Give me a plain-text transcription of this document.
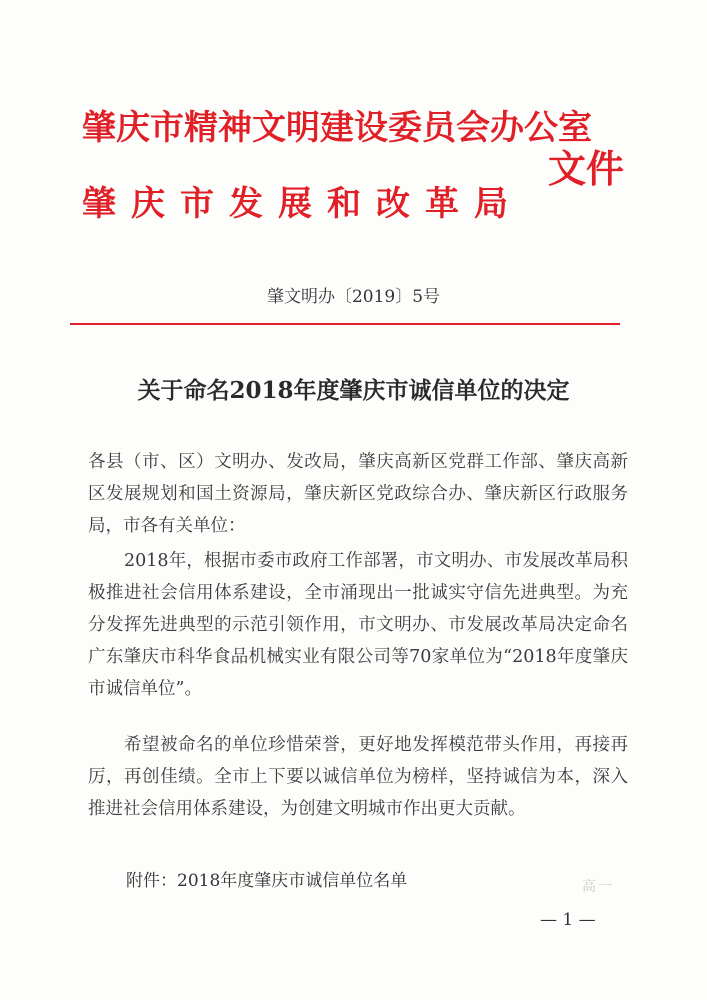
肇庆市精神文明建设委员会办公室
肇庆市发展和改革局
文件
肇文明办〔2019〕5号
关于命名2018年度肇庆市诚信单位的决定
各县（市、区）文明办、发改局，肇庆高新区党群工作部、肇庆高新区发展规划和国土资源局，肇庆新区党政综合办、肇庆新区行政服务局，市各有关单位：
2018年，根据市委市政府工作部署，市文明办、市发展改革局积极推进社会信用体系建设，全市涌现出一批诚实守信先进典型。为充分发挥先进典型的示范引领作用，市文明办、市发展改革局决定命名广东肇庆市科华食品机械实业有限公司等70家单位为“2018年度肇庆市诚信单位”。
希望被命名的单位珍惜荣誉，更好地发挥模范带头作用，再接再厉，再创佳绩。全市上下要以诚信单位为榜样，坚持诚信为本，深入推进社会信用体系建设，为创建文明城市作出更大贡献。
附件：2018年度肇庆市诚信单位名单	高一
— 1 —
